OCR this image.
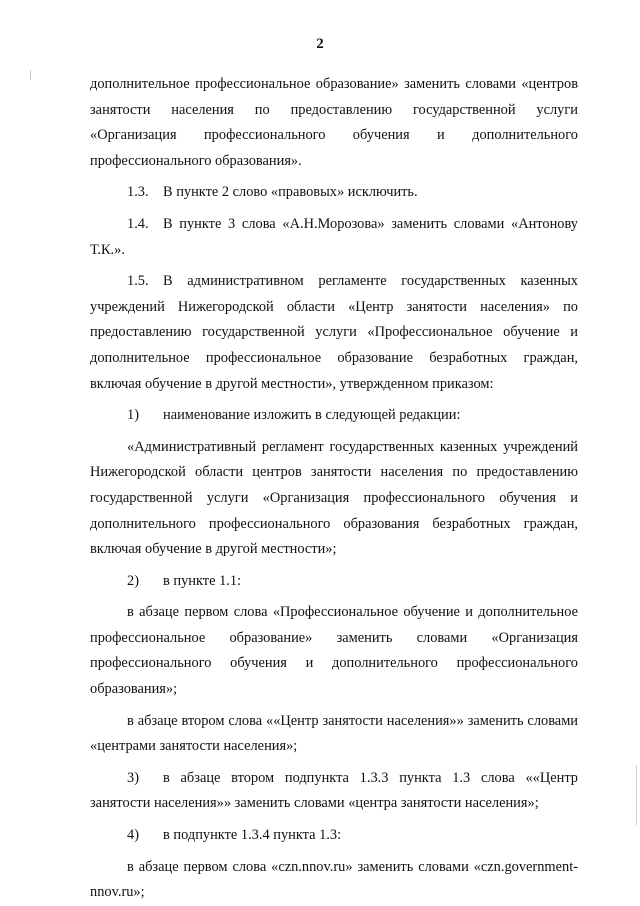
2

дополнительное профессиональное образование» заменить словами «центров занятости населения по предоставлению государственной услуги «Организация профессионального обучения и дополнительного профессионального образования».

1.3. В пункте 2 слово «правовых» исключить.

1.4. В пункте 3 слова «А.Н.Морозова» заменить словами «Антонову Т.К.».

1.5. В административном регламенте государственных казенных учреждений Нижегородской области «Центр занятости населения» по предоставлению государственной услуги «Профессиональное обучение и дополнительное профессиональное образование безработных граждан, включая обучение в другой местности», утвержденном приказом:

1) наименование изложить в следующей редакции:

«Административный регламент государственных казенных учреждений Нижегородской области центров занятости населения по предоставлению государственной услуги «Организация профессионального обучения и дополнительного профессионального образования безработных граждан, включая обучение в другой местности»;

2) в пункте 1.1:

в абзаце первом слова «Профессиональное обучение и дополнительное профессиональное образование» заменить словами «Организация профессионального обучения и дополнительного профессионального образования»;

в абзаце втором слова ««Центр занятости населения»» заменить словами «центрами занятости населения»;

3) в абзаце втором подпункта 1.3.3 пункта 1.3 слова ««Центр занятости населения»» заменить словами «центра занятости населения»;

4) в подпункте 1.3.4 пункта 1.3:

в абзаце первом слова «czn.nnov.ru» заменить словами «czn.government-nnov.ru»;
